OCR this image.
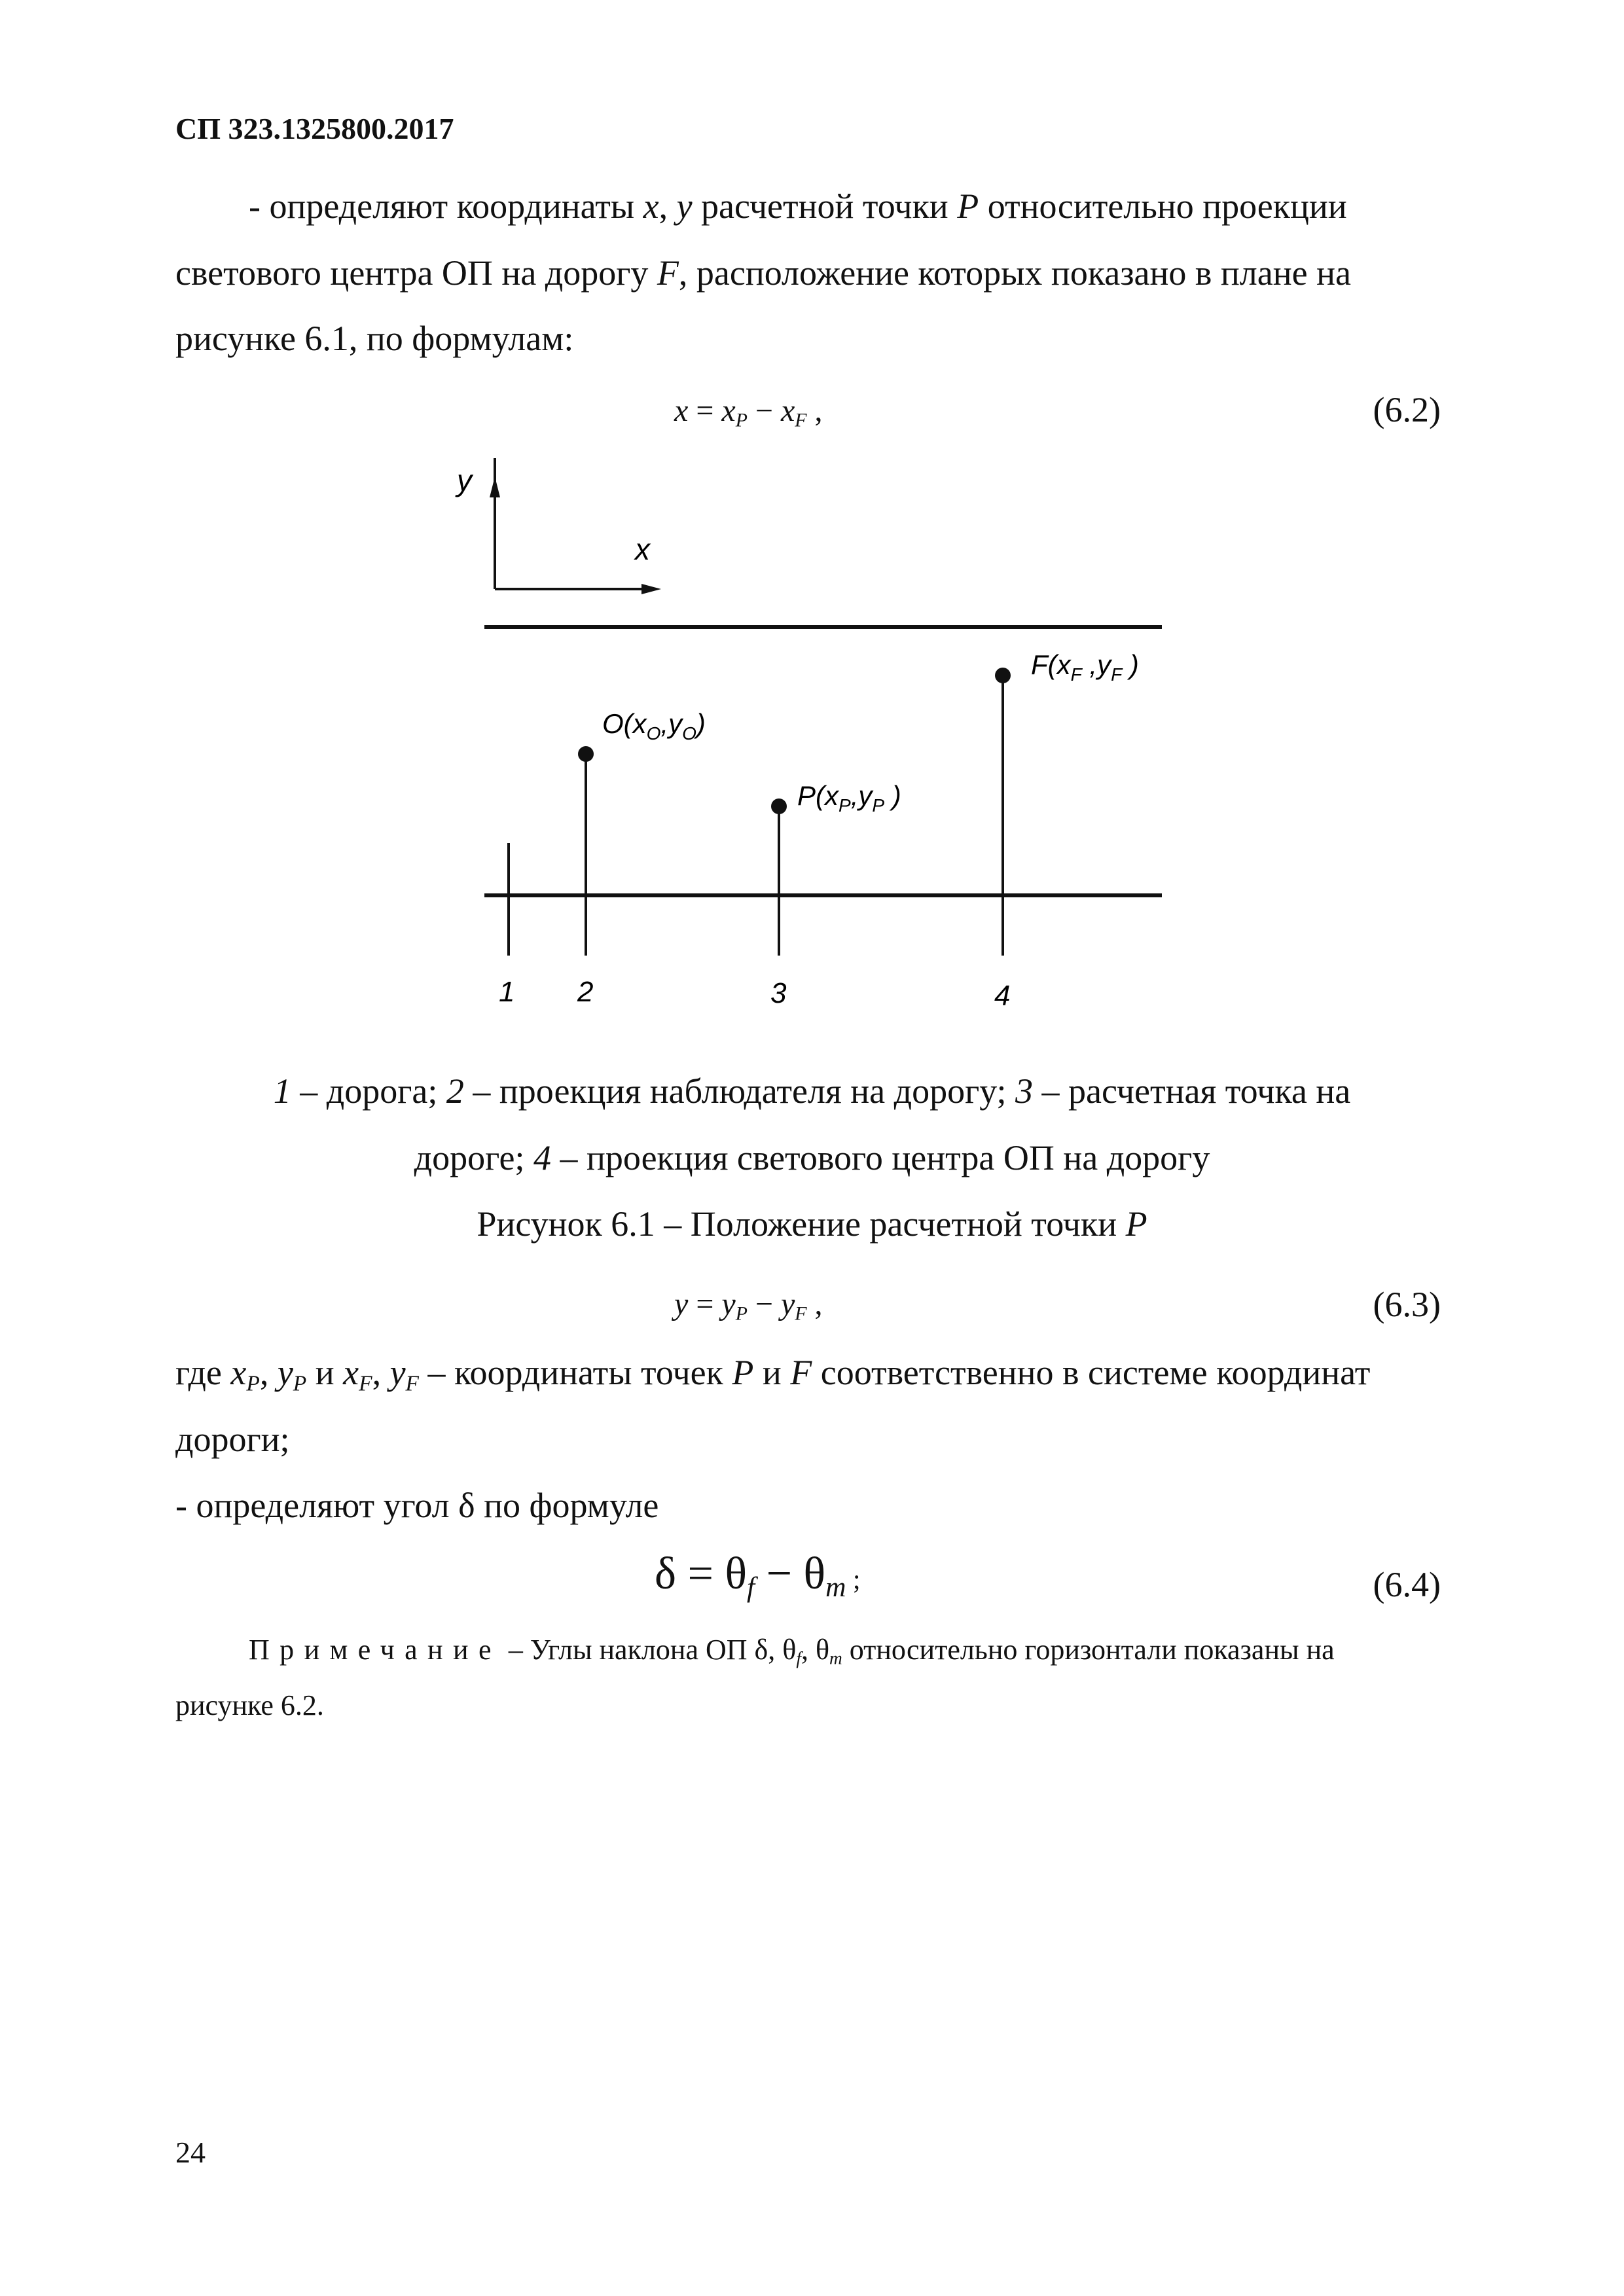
СП 323.1325800.2017
- определяют координаты x, y расчетной точки P относительно проекции
светового центра ОП на дорогу F, расположение которых показано в плане на
рисунке 6.1, по формулам:
$x = x_P - x_F$ ,	(6.2)
y
x
$O(x_O,y_O)$
$P(x_P,y_P$ )
$F(x_F$ $,y_F$ )
1 2	3	4
1 – дорога; 2 – проекция наблюдателя на дорогу; 3 – расчетная точка на
дороге; 4 – проекция светового центра ОП на дорогу
Рисунок 6.1 – Положение расчетной точки P
$y = y_P - y_F$ ,	(6.3)
где $x_P$, $y_P$ и $x_F$, $y_F$ – координаты точек P и F соответственно в системе координат
дороги;
- определяют угол δ по формуле
$\delta = \theta_f - \theta_m$ ;	(6.4)
Примечание – Углы наклона ОП δ, $\theta_f$, $\theta_m$ относительно горизонтали показаны на
рисунке 6.2.
24
